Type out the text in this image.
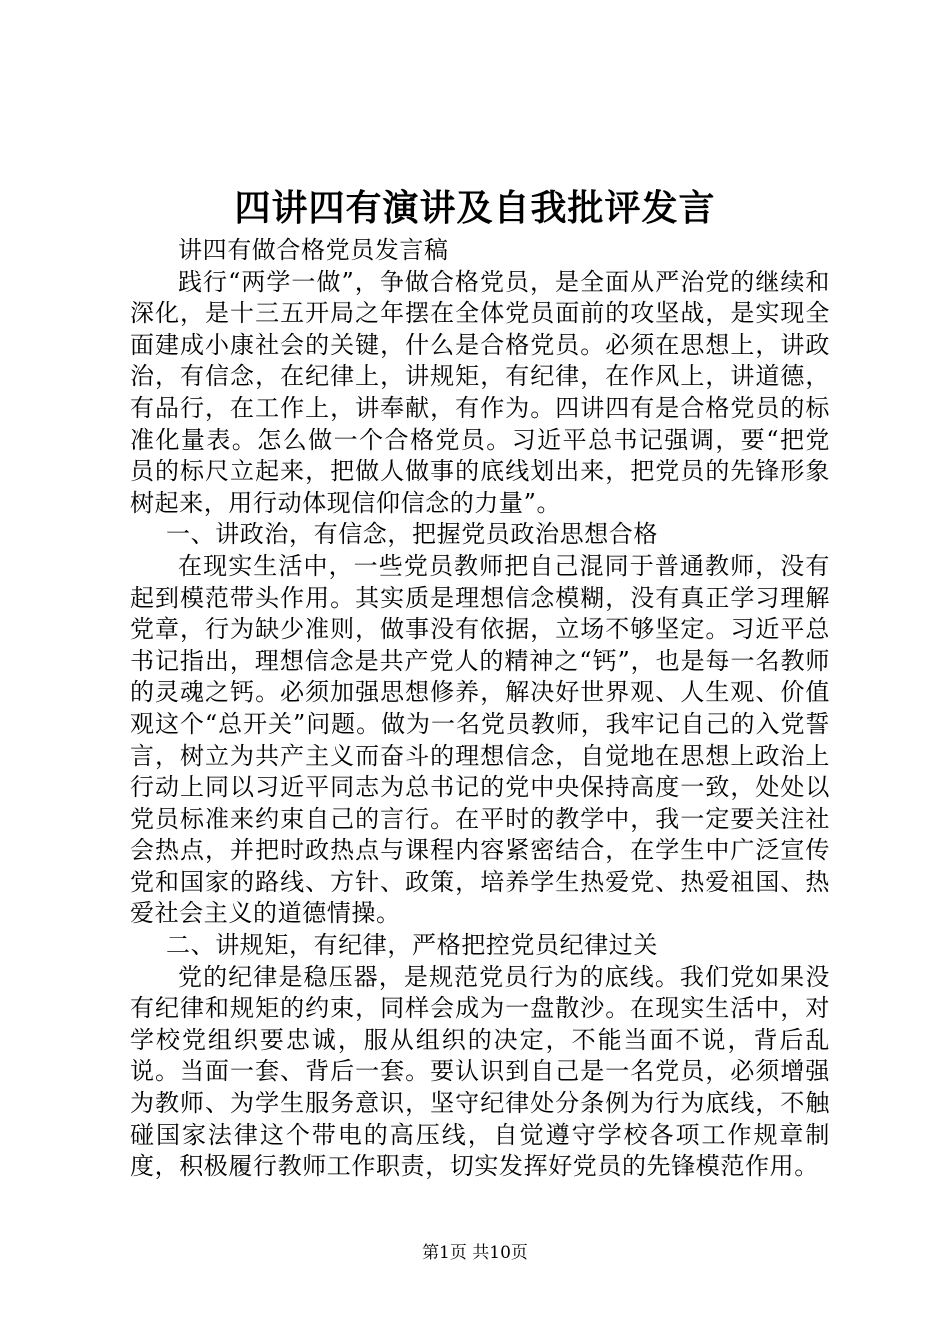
四讲四有演讲及自我批评发言

讲四有做合格党员发言稿

践行“两学一做”，争做合格党员，是全面从严治党的继续和深化，是十三五开局之年摆在全体党员面前的攻坚战，是实现全面建成小康社会的关键，什么是合格党员。必须在思想上，讲政治，有信念，在纪律上，讲规矩，有纪律，在作风上，讲道德，有品行，在工作上，讲奉献，有作为。四讲四有是合格党员的标准化量表。怎么做一个合格党员。习近平总书记强调，要“把党员的标尺立起来，把做人做事的底线划出来，把党员的先锋形象树起来，用行动体现信仰信念的力量”。

一、讲政治，有信念，把握党员政治思想合格

在现实生活中，一些党员教师把自己混同于普通教师，没有起到模范带头作用。其实质是理想信念模糊，没有真正学习理解党章，行为缺少准则，做事没有依据，立场不够坚定。习近平总书记指出，理想信念是共产党人的精神之“钙”，也是每一名教师的灵魂之钙。必须加强思想修养，解决好世界观、人生观、价值观这个“总开关”问题。做为一名党员教师，我牢记自己的入党誓言，树立为共产主义而奋斗的理想信念，自觉地在思想上政治上行动上同以习近平同志为总书记的党中央保持高度一致，处处以党员标准来约束自己的言行。在平时的教学中，我一定要关注社会热点，并把时政热点与课程内容紧密结合，在学生中广泛宣传党和国家的路线、方针、政策，培养学生热爱党、热爱祖国、热爱社会主义的道德情操。

二、讲规矩，有纪律，严格把控党员纪律过关

党的纪律是稳压器，是规范党员行为的底线。我们党如果没有纪律和规矩的约束，同样会成为一盘散沙。在现实生活中，对学校党组织要忠诚，服从组织的决定，不能当面不说，背后乱说。当面一套、背后一套。要认识到自己是一名党员，必须增强为教师、为学生服务意识，坚守纪律处分条例为行为底线，不触碰国家法律这个带电的高压线，自觉遵守学校各项工作规章制度，积极履行教师工作职责，切实发挥好党员的先锋模范作用。

第1页 共10页
